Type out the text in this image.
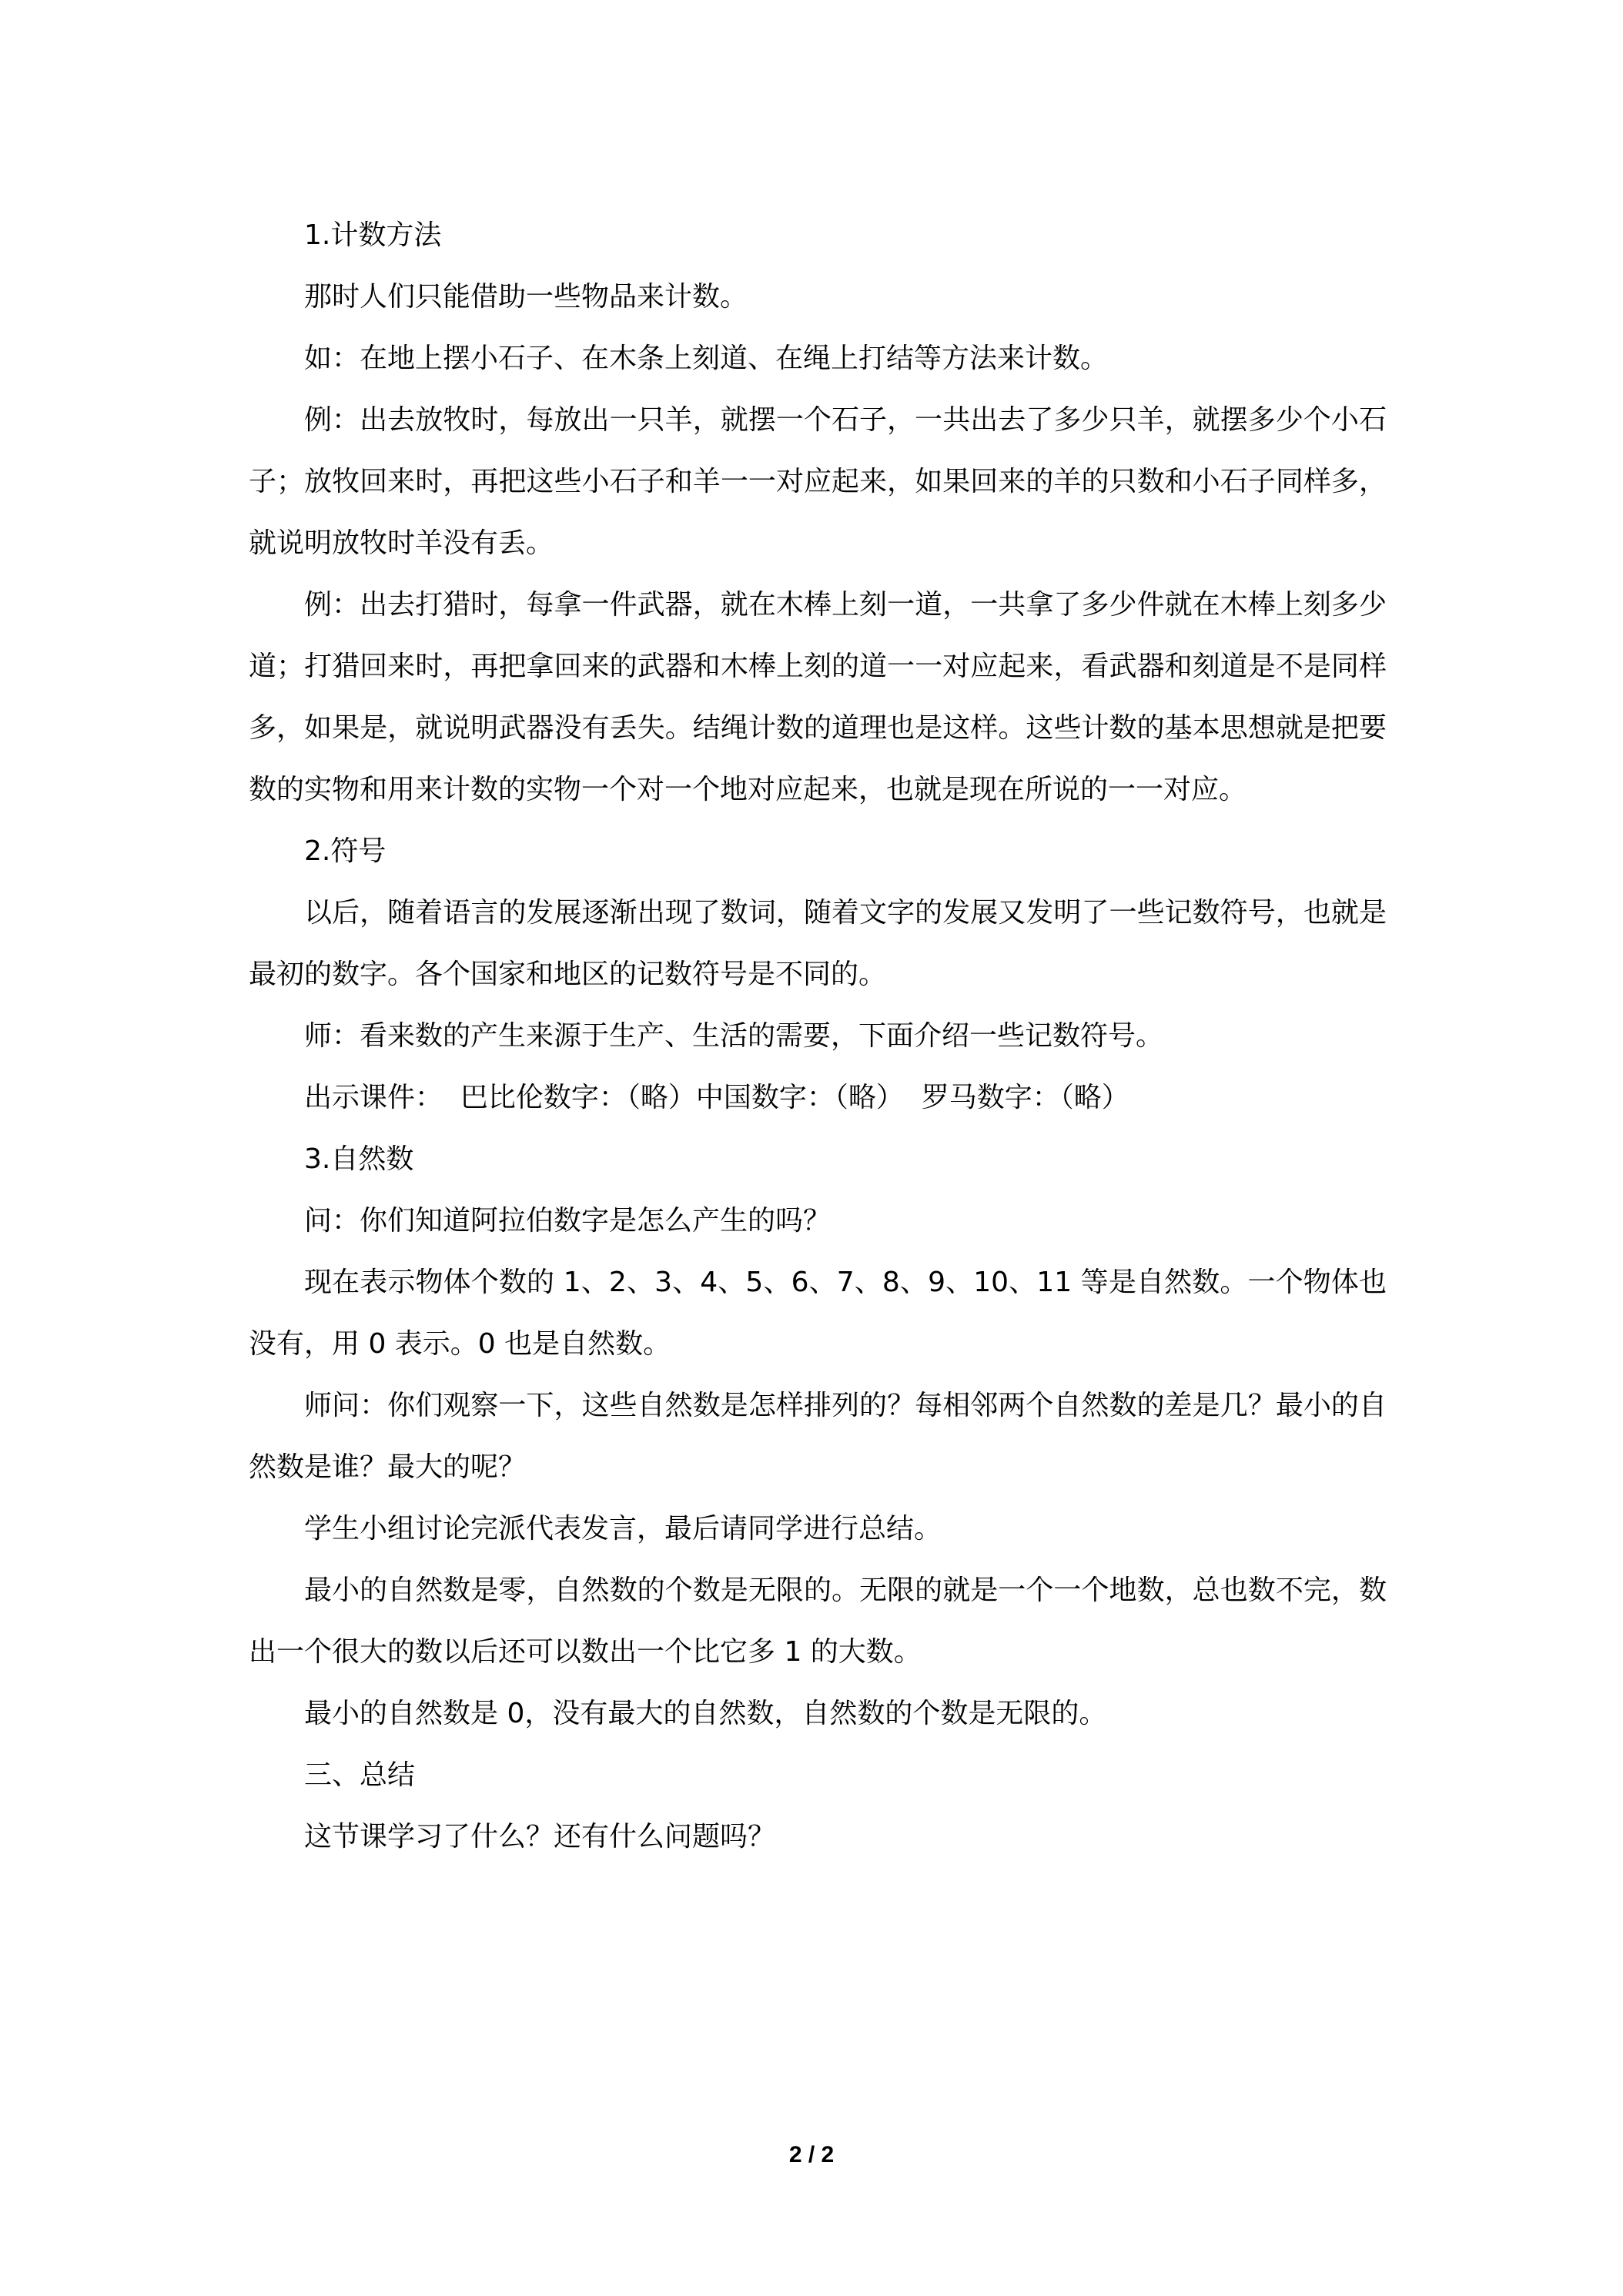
1.计数方法

那时人们只能借助一些物品来计数。

如：在地上摆小石子、在木条上刻道、在绳上打结等方法来计数。

例：出去放牧时，每放出一只羊，就摆一个石子，一共出去了多少只羊，就摆多少个小石子；放牧回来时，再把这些小石子和羊一一对应起来，如果回来的羊的只数和小石子同样多，就说明放牧时羊没有丢。

例：出去打猎时，每拿一件武器，就在木棒上刻一道，一共拿了多少件就在木棒上刻多少道；打猎回来时，再把拿回来的武器和木棒上刻的道一一对应起来，看武器和刻道是不是同样多，如果是，就说明武器没有丢失。结绳计数的道理也是这样。这些计数的基本思想就是把要数的实物和用来计数的实物一个对一个地对应起来，也就是现在所说的一一对应。

2.符号

以后，随着语言的发展逐渐出现了数词，随着文字的发展又发明了一些记数符号，也就是最初的数字。各个国家和地区的记数符号是不同的。

师：看来数的产生来源于生产、生活的需要，下面介绍一些记数符号。

出示课件：  巴比伦数字：（略）中国数字：（略）  罗马数字：（略）

3.自然数

问：你们知道阿拉伯数字是怎么产生的吗？

现在表示物体个数的 1、2、3、4、5、6、7、8、9、10、11 等是自然数。一个物体也没有，用 0 表示。0 也是自然数。

师问：你们观察一下，这些自然数是怎样排列的？每相邻两个自然数的差是几？最小的自然数是谁？最大的呢？

学生小组讨论完派代表发言，最后请同学进行总结。

最小的自然数是零，自然数的个数是无限的。无限的就是一个一个地数，总也数不完，数出一个很大的数以后还可以数出一个比它多 1 的大数。

最小的自然数是 0，没有最大的自然数，自然数的个数是无限的。

三、总结

这节课学习了什么？还有什么问题吗？

2 / 2
